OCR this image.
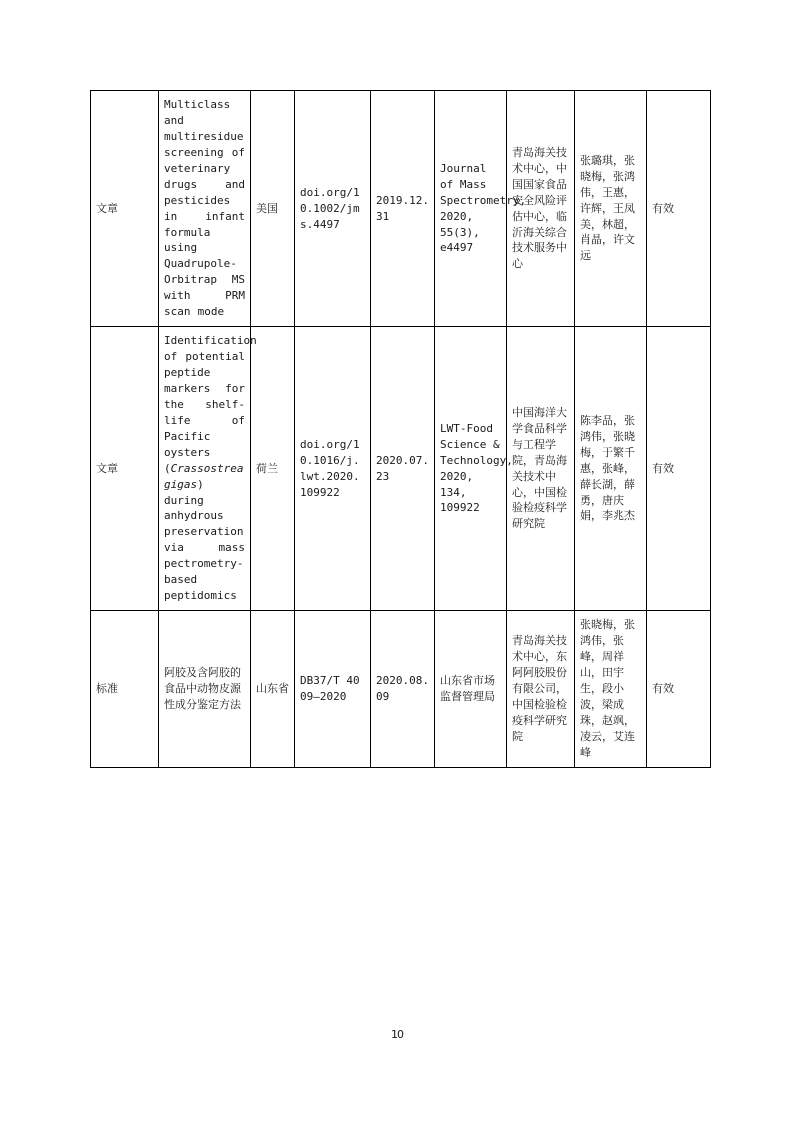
文章	Multiclass and multiresidue screening of veterinary drugs and pesticides in infant formula using Quadrupole-Orbitrap MS with PRM scan mode	美国	doi.org/10.1002/jms.4497	2019.12.31	Journal of Mass Spectrometry, 2020, 55(3), e4497	青岛海关技术中心，中国国家食品安全风险评估中心，临沂海关综合技术服务中心	张璐琪，张晓梅，张鸿伟，王惠，许辉，王凤美，林超，肖晶，许文远	有效
文章	Identification of potential peptide markers for the shelf-life of Pacific oysters (Crassostrea gigas) during anhydrous preservation via mass pectrometry-based peptidomics	荷兰	doi.org/10.1016/j.lwt.2020.109922	2020.07.23	LWT-Food Science & Technology, 2020, 134, 109922	中国海洋大学食品科学与工程学院，青岛海关技术中心，中国检验检疫科学研究院	陈李品，张鸿伟，张晓梅，于繁千惠，张峰，薛长湖，薛勇，唐庆娟，李兆杰	有效
标准	阿胶及含阿胶的食品中动物皮源性成分鉴定方法	山东省	DB37/T 4009—2020	2020.08.09	山东省市场监督管理局	青岛海关技术中心，东阿阿胶股份有限公司，中国检验检疫科学研究院	张晓梅，张鸿伟，张峰，周祥山，田宇生，段小波，梁成珠，赵飒，凌云，艾连峰	有效
10
